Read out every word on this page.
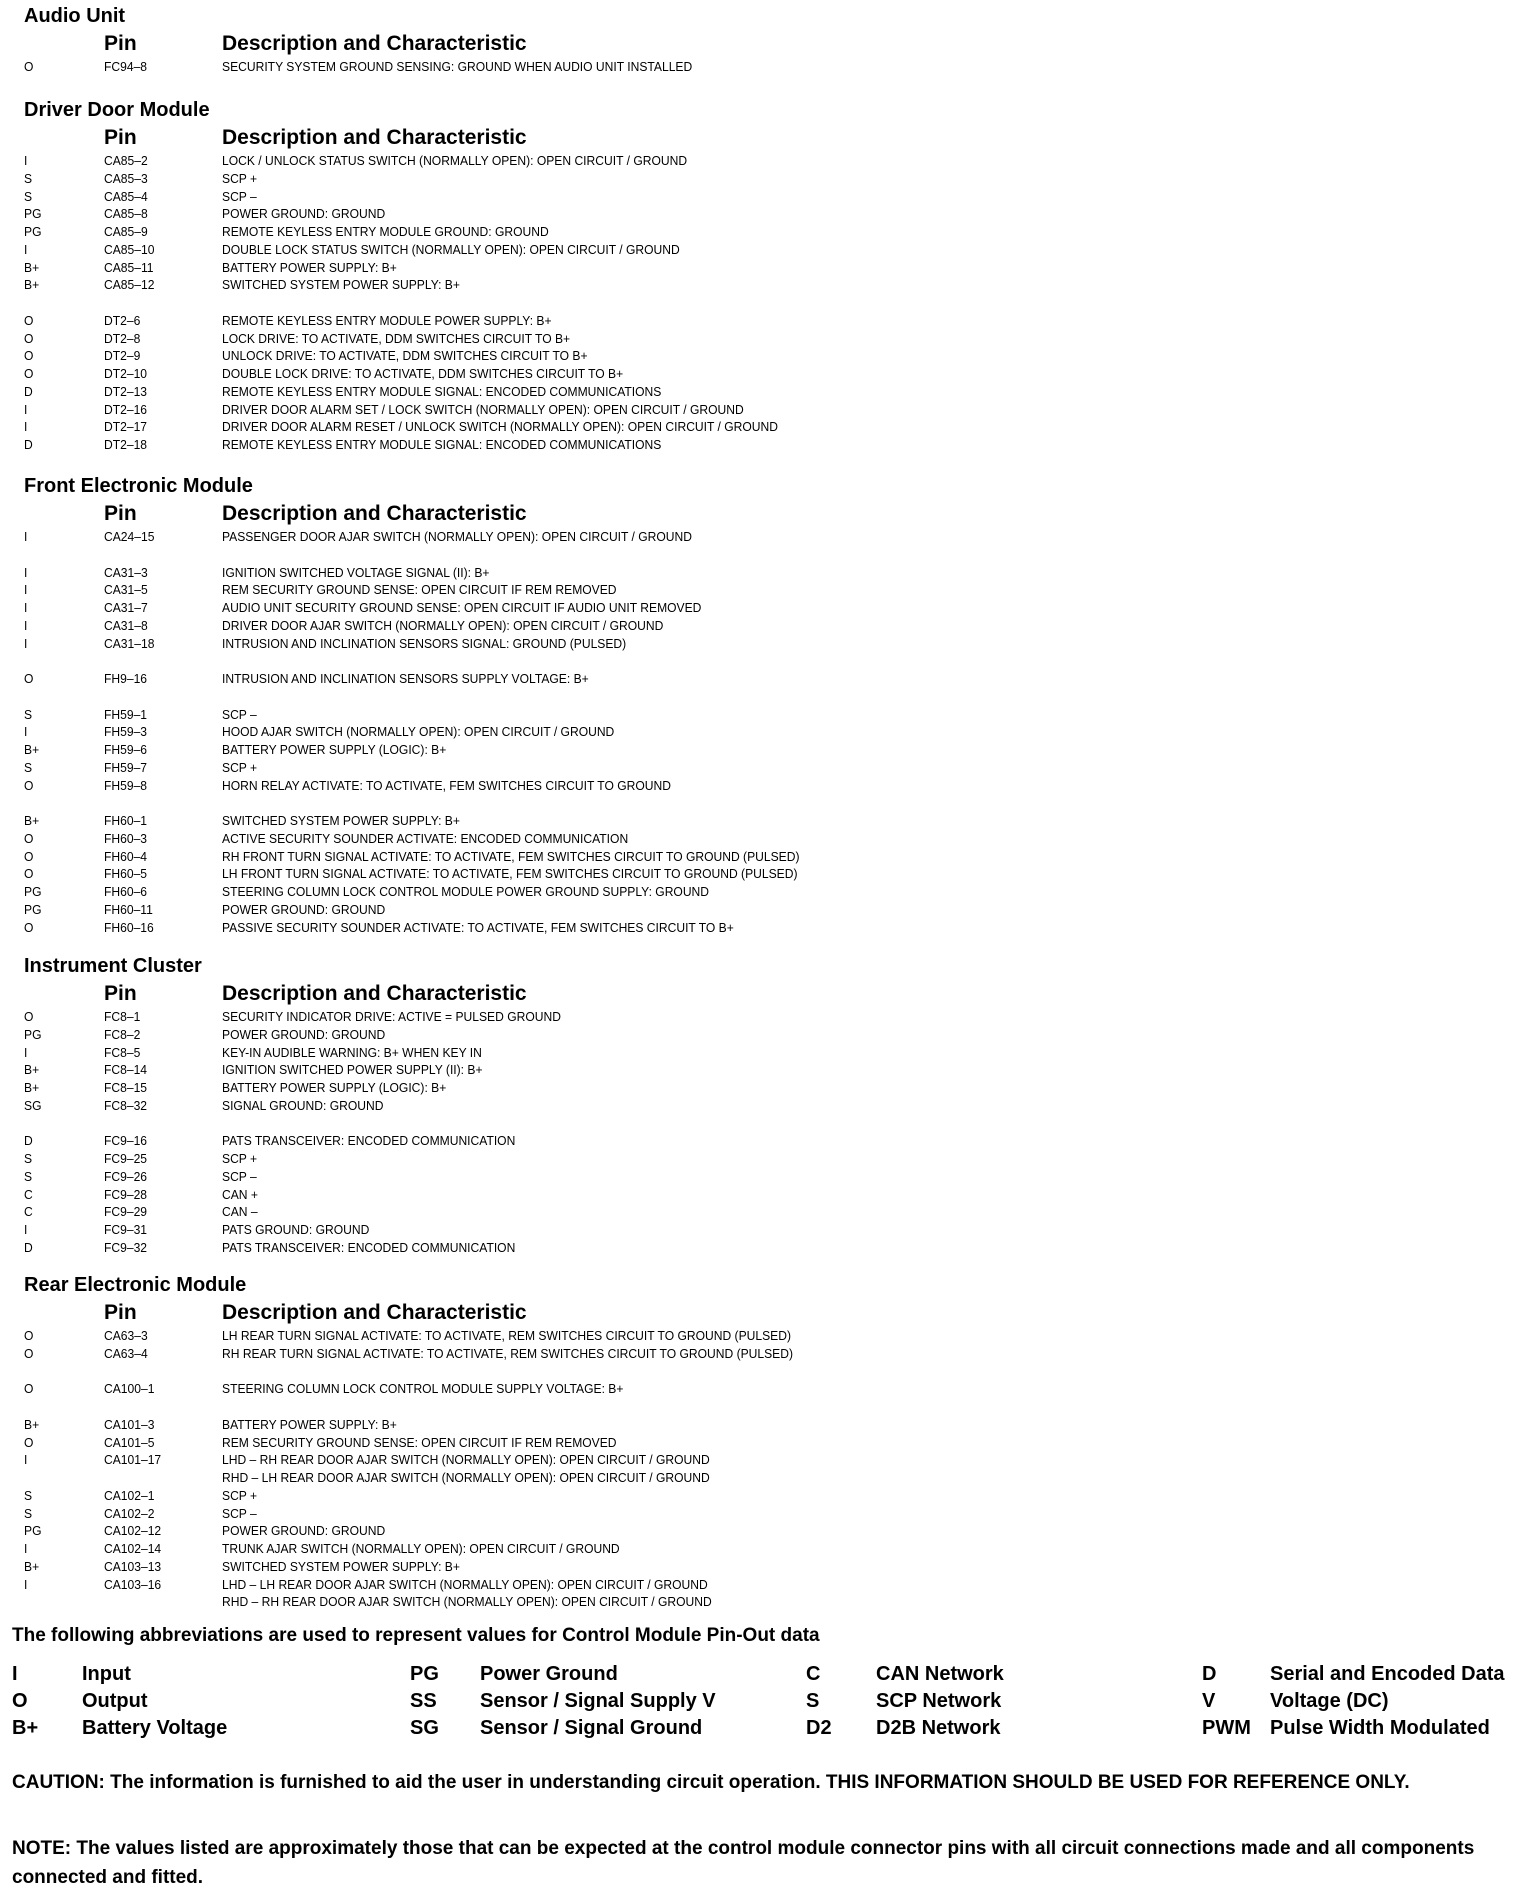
Audio Unit
Pin	Description and Characteristic
O	FC94–8	SECURITY SYSTEM GROUND SENSING: GROUND WHEN AUDIO UNIT INSTALLED
Driver Door Module
Pin	Description and Characteristic
I	CA85–2	LOCK / UNLOCK STATUS SWITCH (NORMALLY OPEN): OPEN CIRCUIT / GROUND
S	CA85–3	SCP +
S	CA85–4	SCP –
PG	CA85–8	POWER GROUND: GROUND
PG	CA85–9	REMOTE KEYLESS ENTRY MODULE GROUND: GROUND
I	CA85–10	DOUBLE LOCK STATUS SWITCH (NORMALLY OPEN): OPEN CIRCUIT / GROUND
B+	CA85–11	BATTERY POWER SUPPLY: B+
B+	CA85–12	SWITCHED SYSTEM POWER SUPPLY: B+
O	DT2–6	REMOTE KEYLESS ENTRY MODULE POWER SUPPLY: B+
O	DT2–8	LOCK DRIVE: TO ACTIVATE, DDM SWITCHES CIRCUIT TO B+
O	DT2–9	UNLOCK DRIVE: TO ACTIVATE, DDM SWITCHES CIRCUIT TO B+
O	DT2–10	DOUBLE LOCK DRIVE: TO ACTIVATE, DDM SWITCHES CIRCUIT TO B+
D	DT2–13	REMOTE KEYLESS ENTRY MODULE SIGNAL: ENCODED COMMUNICATIONS
I	DT2–16	DRIVER DOOR ALARM SET / LOCK SWITCH (NORMALLY OPEN): OPEN CIRCUIT / GROUND
I	DT2–17	DRIVER DOOR ALARM RESET / UNLOCK SWITCH (NORMALLY OPEN): OPEN CIRCUIT / GROUND
D	DT2–18	REMOTE KEYLESS ENTRY MODULE SIGNAL: ENCODED COMMUNICATIONS
Front Electronic Module
Pin	Description and Characteristic
I	CA24–15	PASSENGER DOOR AJAR SWITCH (NORMALLY OPEN): OPEN CIRCUIT / GROUND
I	CA31–3	IGNITION SWITCHED VOLTAGE SIGNAL (II): B+
I	CA31–5	REM SECURITY GROUND SENSE: OPEN CIRCUIT IF REM REMOVED
I	CA31–7	AUDIO UNIT SECURITY GROUND SENSE: OPEN CIRCUIT IF AUDIO UNIT REMOVED
I	CA31–8	DRIVER DOOR AJAR SWITCH (NORMALLY OPEN): OPEN CIRCUIT / GROUND
I	CA31–18	INTRUSION AND INCLINATION SENSORS SIGNAL: GROUND (PULSED)
O	FH9–16	INTRUSION AND INCLINATION SENSORS SUPPLY VOLTAGE: B+
S	FH59–1	SCP –
I	FH59–3	HOOD AJAR SWITCH (NORMALLY OPEN): OPEN CIRCUIT / GROUND
B+	FH59–6	BATTERY POWER SUPPLY (LOGIC): B+
S	FH59–7	SCP +
O	FH59–8	HORN RELAY ACTIVATE: TO ACTIVATE, FEM SWITCHES CIRCUIT TO GROUND
B+	FH60–1	SWITCHED SYSTEM POWER SUPPLY: B+
O	FH60–3	ACTIVE SECURITY SOUNDER ACTIVATE: ENCODED COMMUNICATION
O	FH60–4	RH FRONT TURN SIGNAL ACTIVATE: TO ACTIVATE, FEM SWITCHES CIRCUIT TO GROUND (PULSED)
O	FH60–5	LH FRONT TURN SIGNAL ACTIVATE: TO ACTIVATE, FEM SWITCHES CIRCUIT TO GROUND (PULSED)
PG	FH60–6	STEERING COLUMN LOCK CONTROL MODULE POWER GROUND SUPPLY: GROUND
PG	FH60–11	POWER GROUND: GROUND
O	FH60–16	PASSIVE SECURITY SOUNDER ACTIVATE: TO ACTIVATE, FEM SWITCHES CIRCUIT TO B+
Instrument Cluster
Pin	Description and Characteristic
O	FC8–1	SECURITY INDICATOR DRIVE: ACTIVE = PULSED GROUND
PG	FC8–2	POWER GROUND: GROUND
I	FC8–5	KEY-IN AUDIBLE WARNING: B+ WHEN KEY IN
B+	FC8–14	IGNITION SWITCHED POWER SUPPLY (II): B+
B+	FC8–15	BATTERY POWER SUPPLY (LOGIC): B+
SG	FC8–32	SIGNAL GROUND: GROUND
D	FC9–16	PATS TRANSCEIVER: ENCODED COMMUNICATION
S	FC9–25	SCP +
S	FC9–26	SCP –
C	FC9–28	CAN +
C	FC9–29	CAN –
I	FC9–31	PATS GROUND: GROUND
D	FC9–32	PATS TRANSCEIVER: ENCODED COMMUNICATION
Rear Electronic Module
Pin	Description and Characteristic
O	CA63–3	LH REAR TURN SIGNAL ACTIVATE: TO ACTIVATE, REM SWITCHES CIRCUIT TO GROUND (PULSED)
O	CA63–4	RH REAR TURN SIGNAL ACTIVATE: TO ACTIVATE, REM SWITCHES CIRCUIT TO GROUND (PULSED)
O	CA100–1	STEERING COLUMN LOCK CONTROL MODULE SUPPLY VOLTAGE: B+
B+	CA101–3	BATTERY POWER SUPPLY: B+
O	CA101–5	REM SECURITY GROUND SENSE: OPEN CIRCUIT IF REM REMOVED
I	CA101–17	LHD – RH REAR DOOR AJAR SWITCH (NORMALLY OPEN): OPEN CIRCUIT / GROUND
RHD – LH REAR DOOR AJAR SWITCH (NORMALLY OPEN): OPEN CIRCUIT / GROUND
S	CA102–1	SCP +
S	CA102–2	SCP –
PG	CA102–12	POWER GROUND: GROUND
I	CA102–14	TRUNK AJAR SWITCH (NORMALLY OPEN): OPEN CIRCUIT / GROUND
B+	CA103–13	SWITCHED SYSTEM POWER SUPPLY: B+
I	CA103–16	LHD – LH REAR DOOR AJAR SWITCH (NORMALLY OPEN): OPEN CIRCUIT / GROUND
RHD – RH REAR DOOR AJAR SWITCH (NORMALLY OPEN): OPEN CIRCUIT / GROUND
The following abbreviations are used to represent values for Control Module Pin-Out data
I	Input
O	Output
B+ Battery Voltage
PG Power Ground
SS Sensor / Signal Supply V
SG Sensor / Signal Ground
C	CAN Network
S	SCP Network
D2 D2B Network
D	Serial and Encoded Data
V	Voltage (DC)
PWM Pulse Width Modulated
CAUTION: The information is furnished to aid the user in understanding circuit operation. THIS INFORMATION SHOULD BE USED FOR REFERENCE ONLY.
NOTE: The values listed are approximately those that can be expected at the control module connector pins with all circuit connections made and all components connected and fitted.
